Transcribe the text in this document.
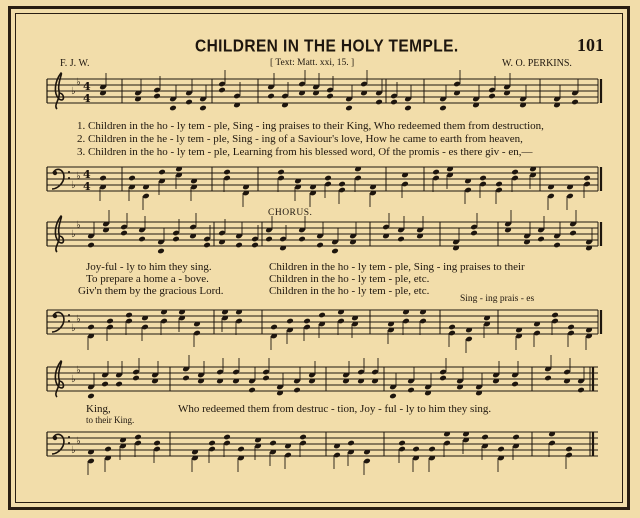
♭
♭ 4
4
♭
♭ 4
4
♭
♭
♭
♭
♭
♭
♭
♭
CHILDREN IN THE HOLY TEMPLE.	101
F. J. W.	[ Text: Matt. xxi, 15. ]	W. O. PERKINS.
1. Children in the ho - ly tem - ple, Sing - ing praises to their King, Who redeemed them from destruction,
2. Children in the he - ly tem - ple, Sing - ing of a Saviour's love, How he came to earth from heaven,
3. Children in the ho - ly tem - ple, Learning from his blessed word, Of the promis - es there giv - en,—
CHORUS.
Joy-ful - ly to him they sing.	Children in the ho - ly tem - ple, Sing - ing praises to their
To prepare a home a - bove.	Children in the ho - ly tem - ple, etc.
Giv'n them by the gracious Lord.	Children in the ho - ly tem - ple, etc.
Sing - ing prais - es
King,	Who redeemed them from destruc - tion, Joy - ful - ly to him they sing.
to their King.
